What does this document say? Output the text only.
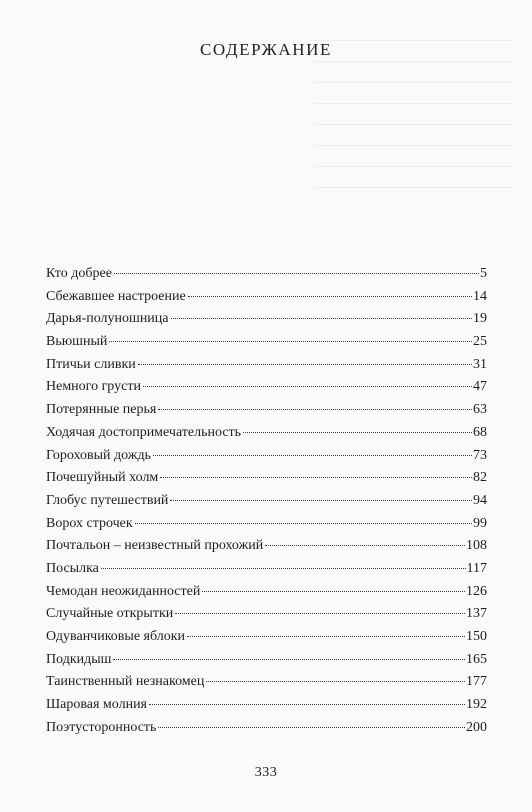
СОДЕРЖАНИЕ
Кто добрее	5
Сбежавшее настроение	14
Дарья-полуношница	19
Вьюшный	25
Птичьи сливки	31
Немного грусти	47
Потерянные перья	63
Ходячая достопримечательность	68
Гороховый дождь	73
Почешуйный холм	82
Глобус путешествий	94
Ворох строчек	99
Почтальон – неизвестный прохожий	108
Посылка	117
Чемодан неожиданностей	126
Случайные открытки	137
Одуванчиковые яблоки	150
Подкидыш	165
Таинственный незнакомец	177
Шаровая молния	192
Поэтусторонность	200
333
